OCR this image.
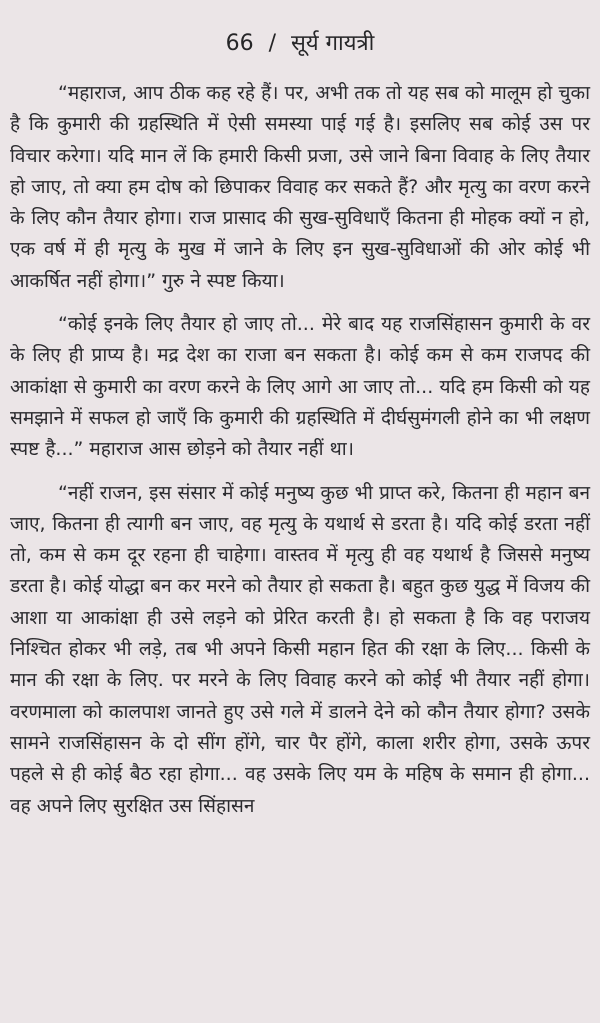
66 / सूर्य गायत्री

“महाराज, आप ठीक कह रहे हैं। पर, अभी तक तो यह सब को मालूम हो चुका है कि कुमारी की ग्रहस्थिति में ऐसी समस्या पाई गई है। इसलिए सब कोई उस पर विचार करेगा। यदि मान लें कि हमारी किसी प्रजा, उसे जाने बिना विवाह के लिए तैयार हो जाए, तो क्या हम दोष को छिपाकर विवाह कर सकते हैं? और मृत्यु का वरण करने के लिए कौन तैयार होगा। राज प्रासाद की सुख-सुविधाएँ कितना ही मोहक क्यों न हो, एक वर्ष में ही मृत्यु के मुख में जाने के लिए इन सुख-सुविधाओं की ओर कोई भी आकर्षित नहीं होगा।” गुरु ने स्पष्ट किया।

“कोई इनके लिए तैयार हो जाए तो... मेरे बाद यह राजसिंहासन कुमारी के वर के लिए ही प्राप्य है। मद्र देश का राजा बन सकता है। कोई कम से कम राजपद की आकांक्षा से कुमारी का वरण करने के लिए आगे आ जाए तो... यदि हम किसी को यह समझाने में सफल हो जाएँ कि कुमारी की ग्रहस्थिति में दीर्घसुमंगली होने का भी लक्षण स्पष्ट है...” महाराज आस छोड़ने को तैयार नहीं था।

“नहीं राजन, इस संसार में कोई मनुष्य कुछ भी प्राप्त करे, कितना ही महान बन जाए, कितना ही त्यागी बन जाए, वह मृत्यु के यथार्थ से डरता है। यदि कोई डरता नहीं तो, कम से कम दूर रहना ही चाहेगा। वास्तव में मृत्यु ही वह यथार्थ है जिससे मनुष्य डरता है। कोई योद्धा बन कर मरने को तैयार हो सकता है। बहुत कुछ युद्ध में विजय की आशा या आकांक्षा ही उसे लड़ने को प्रेरित करती है। हो सकता है कि वह पराजय निश्चित होकर भी लड़े, तब भी अपने किसी महान हित की रक्षा के लिए... किसी के मान की रक्षा के लिए. पर मरने के लिए विवाह करने को कोई भी तैयार नहीं होगा। वरणमाला को कालपाश जानते हुए उसे गले में डालने देने को कौन तैयार होगा? उसके सामने राजसिंहासन के दो सींग होंगे, चार पैर होंगे, काला शरीर होगा, उसके ऊपर पहले से ही कोई बैठ रहा होगा... वह उसके लिए यम के महिष के समान ही होगा... वह अपने लिए सुरक्षित उस सिंहासन
